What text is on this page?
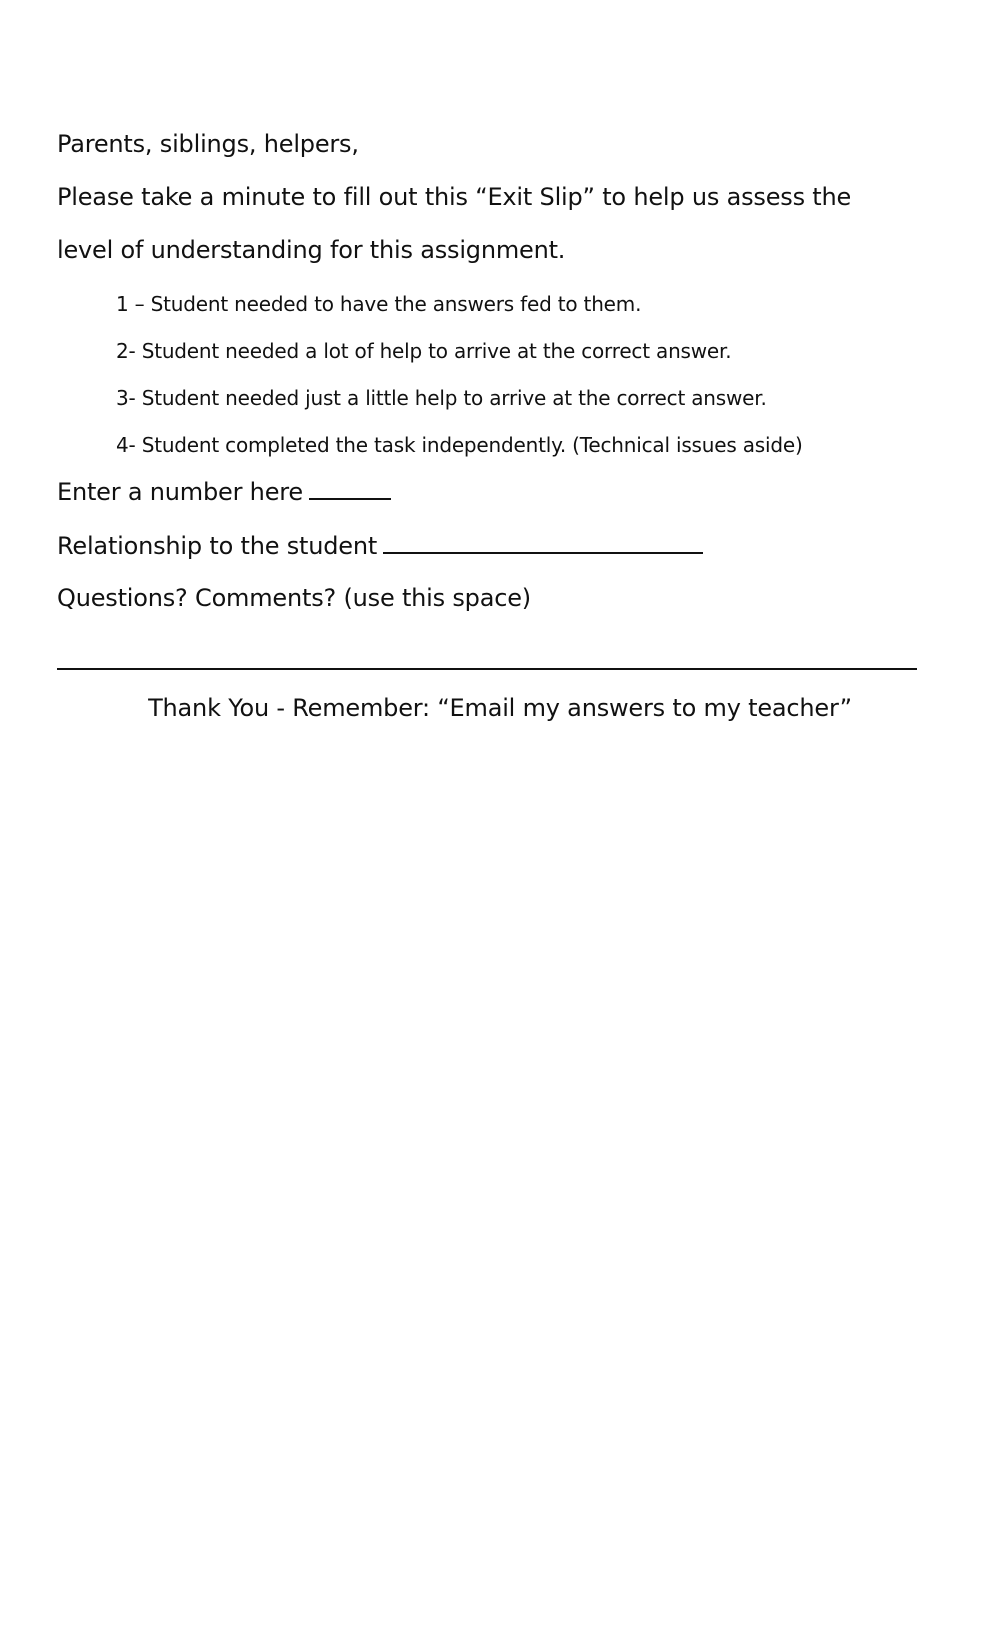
Parents, siblings, helpers,
Please take a minute to fill out this “Exit Slip” to help us assess the
level of understanding for this assignment.
1 – Student needed to have the answers fed to them.
2- Student needed a lot of help to arrive at the correct answer.
3- Student needed just a little help to arrive at the correct answer.
4- Student completed the task independently. (Technical issues aside)
Enter a number here
Relationship to the student
Questions? Comments? (use this space)
Thank You - Remember: “Email my answers to my teacher”
